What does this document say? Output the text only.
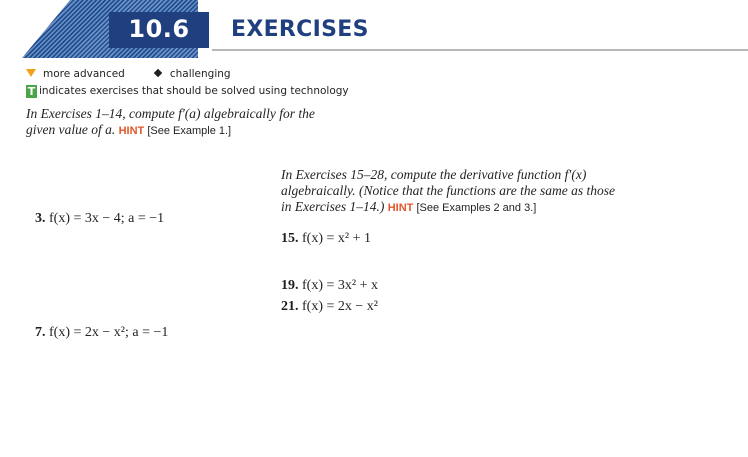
10.6	EXERCISES
more advanced	challenging
T indicates exercises that should be solved using technology
In Exercises 1–14, compute f′(a) algebraically for the
given value of a. HINT [See Example 1.]
In Exercises 15–28, compute the derivative function f′(x)
algebraically. (Notice that the functions are the same as those
in Exercises 1–14.) HINT [See Examples 2 and 3.]
3. f(x) = 3x − 4; a = −1
7. f(x) = 2x − x²; a = −1
15. f(x) = x² + 1
19. f(x) = 3x² + x
21. f(x) = 2x − x²
